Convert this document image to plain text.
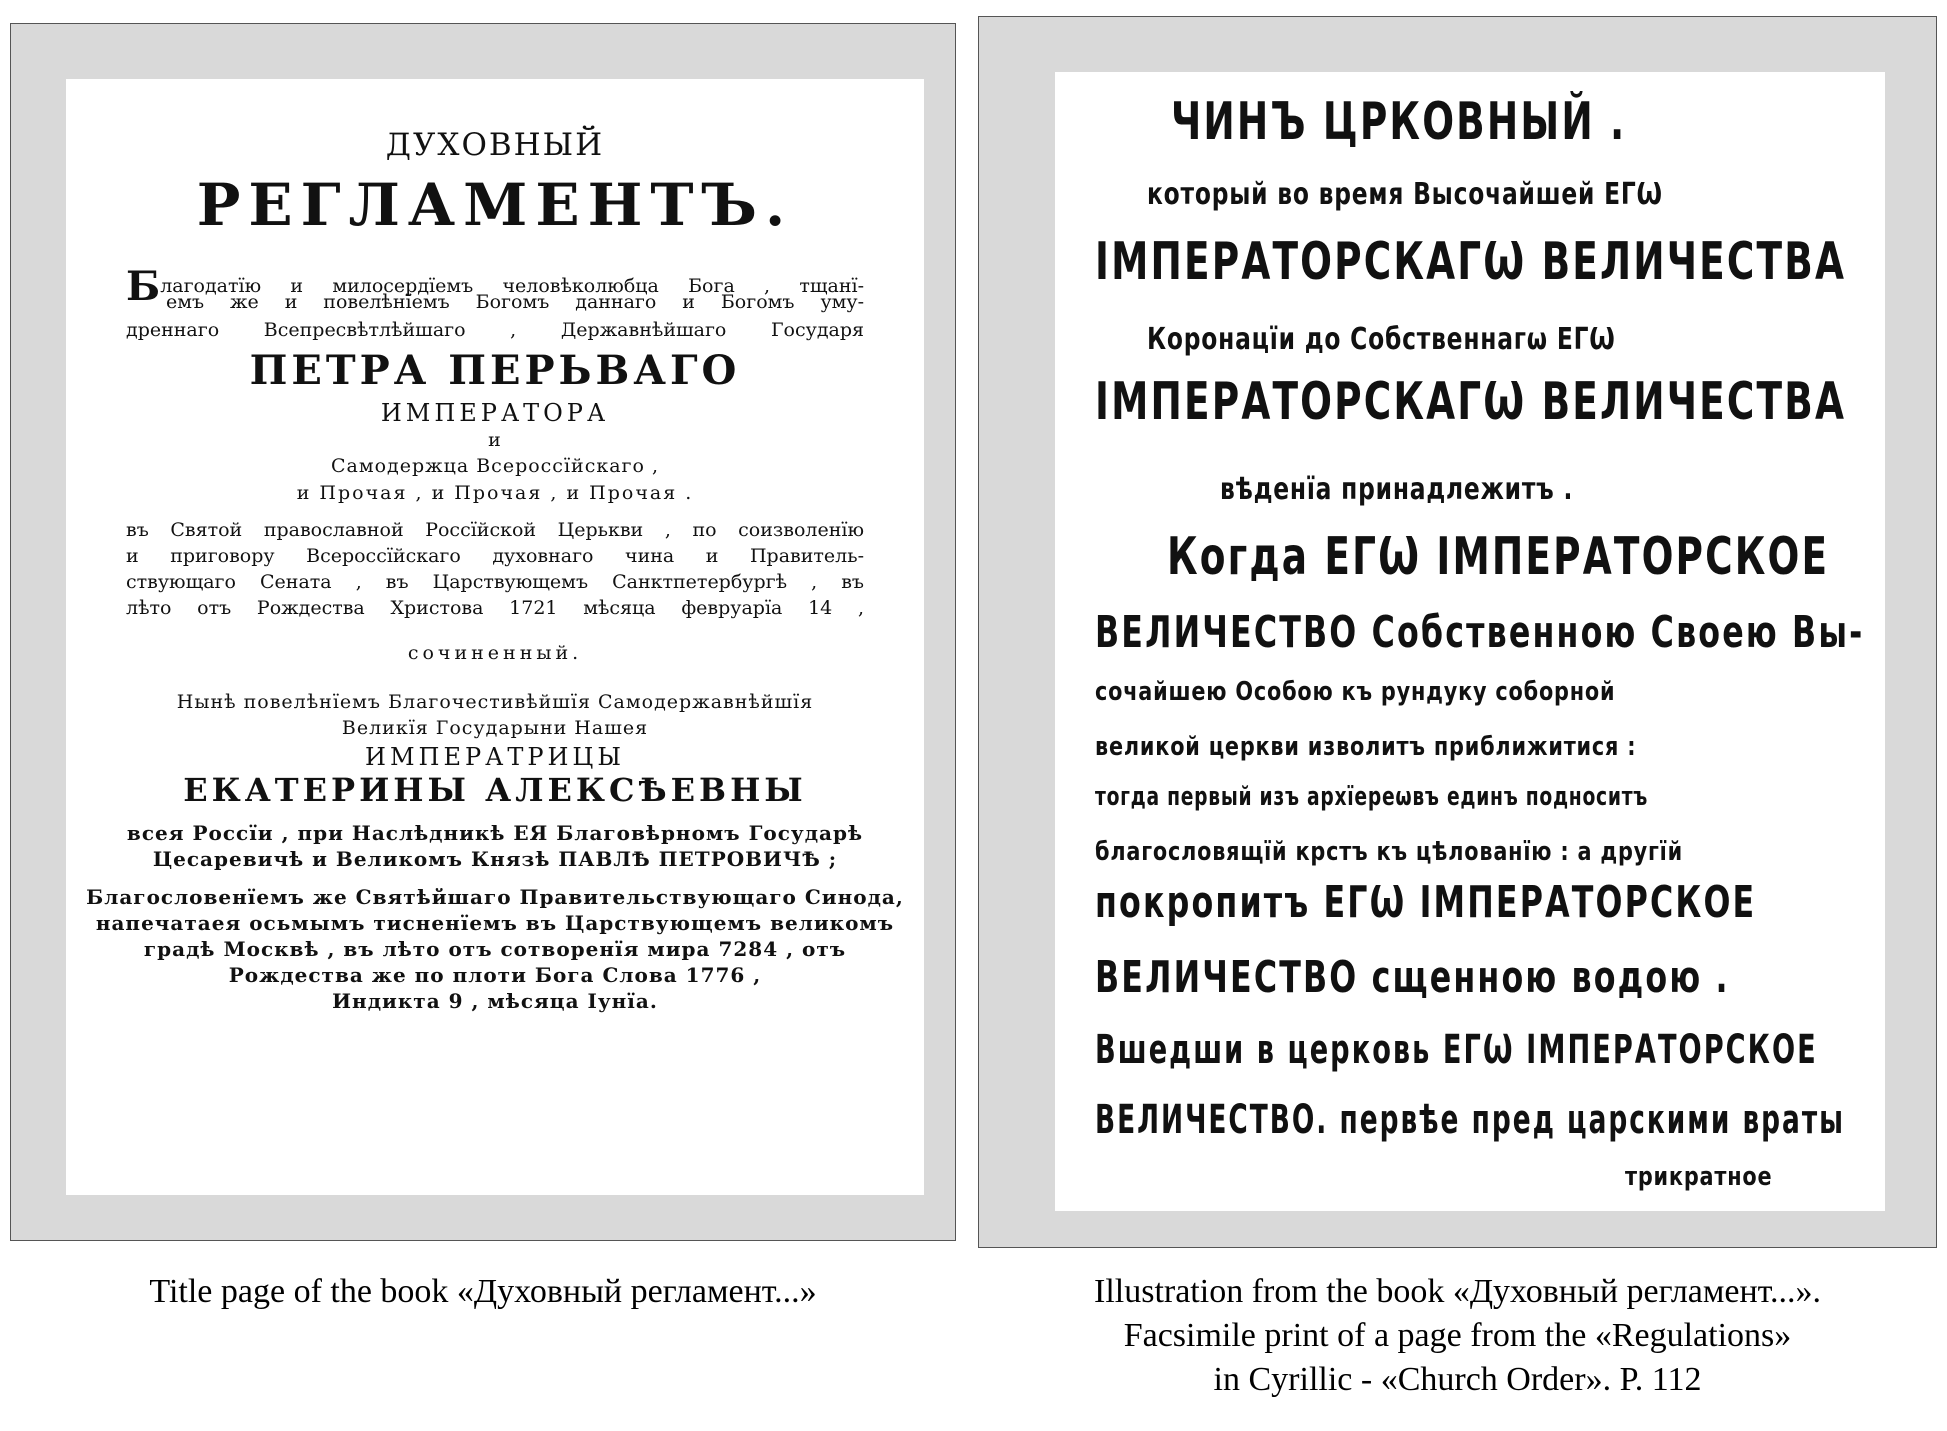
ДУХОВНЫЙ
РЕГЛАМЕНТЪ.
Благодатїю и милосердїемъ человѣколюбца Бога , тщанї-
емъ же и повелѣнїемъ Богомъ даннаго и Богомъ уму-
дреннаго Всепресвѣтлѣйшаго , Державнѣйшаго Государя
ПЕТРА ПЕРЬВАГО
ИМПЕРАТОРА
и
Самодержца Всероссїйскаго ,
и Прочая , и Прочая , и Прочая .
въ Святой православной Россїйской Церькви , по соизволенїю
и приговору Всероссїйскаго духовнаго чина и Правитель-
ствующаго Сената , въ Царствующемъ Санктпетербургѣ , въ
лѣто отъ Рождества Христова 1721 мѣсяца февруарїа 14 ,
сочиненный.
Нынѣ повелѣнїемъ Благочестивѣйшїя Самодержавнѣйшїя
Великїя Государыни Нашея
ИМПЕРАТРИЦЫ
ЕКАТЕРИНЫ АЛЕКСѢЕВНЫ
всея Россїи , при Наслѣдникѣ ЕЯ Благовѣрномъ Государѣ
Цесаревичѣ и Великомъ Князѣ ПАВЛѢ ПЕТРОВИЧѢ ;
Благословенїемъ же Святѣйшаго Правительствующаго Синода,
напечатаея осьмымъ тисненїемъ въ Царствующемъ великомъ
градѣ Москвѣ , въ лѣто отъ сотворенїя мира 7284 , отъ
Рождества же по плоти Бога Слова 1776 ,
Индикта 9 , мѣсяца Iунїа.
ЧИНЪ ЦРКОВНЫЙ .
который во время Высочайшей ЕГѠ
ІМПЕРАТОРСКАГѠ ВЕЛИЧЕСТВА
Коронацїи до Собственнагѡ ЕГѠ
ІМПЕРАТОРСКАГѠ ВЕЛИЧЕСТВА
вѣденїа принадлежитъ .
Когда ЕГѠ ІМПЕРАТОРСКОЕ
ВЕЛИЧЕСТВО Собственною Своею Вы-
сочайшею Особою къ рундуку соборной
великой церкви изволитъ приближитися :
тогда первый изъ архїереѡвъ единъ подноситъ
благословящїй крстъ къ цѣлованїю : а другїй
покропитъ ЕГѠ ІМПЕРАТОРСКОЕ
ВЕЛИЧЕСТВО сщенною водою .
Вшедши в церковь ЕГѠ ІМПЕРАТОРСКОЕ
ВЕЛИЧЕСТВО. первѣе пред царскими враты
трикратное
Title page of the book «Духовный регламент...»	Illustration from the book «Духовный регламент...».
Facsimile print of a page from the «Regulations»
in Cyrillic - «Church Order». P. 112
